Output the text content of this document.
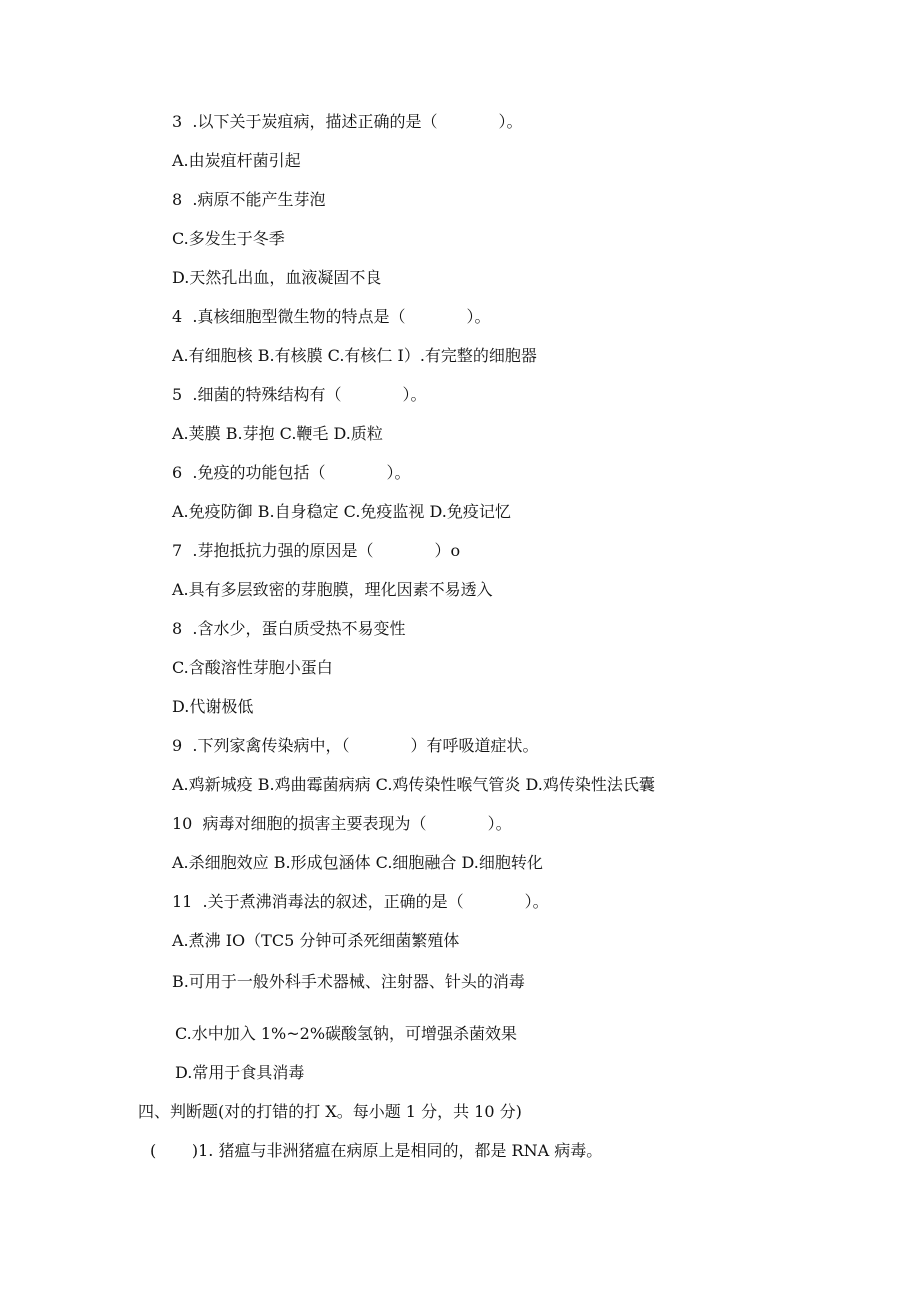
3  .以下关于炭疽病，描述正确的是（            ）。
A.由炭疽杆菌引起
8  .病原不能产生芽泡
C.多发生于冬季
D.天然孔出血，血液凝固不良
4  .真核细胞型微生物的特点是（            ）。
A.有细胞核 B.有核膜 C.有核仁 I）.有完整的细胞器
5  .细菌的特殊结构有（            ）。
A.荚膜 B.芽抱 C.鞭毛 D.质粒
6  .免疫的功能包括（            ）。
A.免疫防御 B.自身稳定 C.免疫监视 D.免疫记忆
7  .芽抱抵抗力强的原因是（            ）o
A.具有多层致密的芽胞膜，理化因素不易透入
8  .含水少，蛋白质受热不易变性
C.含酸溶性芽胞小蛋白
D.代谢极低
9  .下列家禽传染病中，（            ）有呼吸道症状。
A.鸡新城疫 B.鸡曲霉菌病病 C.鸡传染性喉气管炎 D.鸡传染性法氏囊
10  病毒对细胞的损害主要表现为（            ）。
A.杀细胞效应 B.形成包涵体 C.细胞融合 D.细胞转化
11  .关于煮沸消毒法的叙述，正确的是（            ）。
A.煮沸 IO（TC5 分钟可杀死细菌繁殖体
B.可用于一般外科手术器械、注射器、针头的消毒
C.水中加入 1%~2%碳酸氢钠，可增强杀菌效果
D.常用于食具消毒
四、判断题(对的打错的打 X。每小题 1 分，共 10 分)
(       )1. 猪瘟与非洲猪瘟在病原上是相同的，都是 RNA 病毒。
